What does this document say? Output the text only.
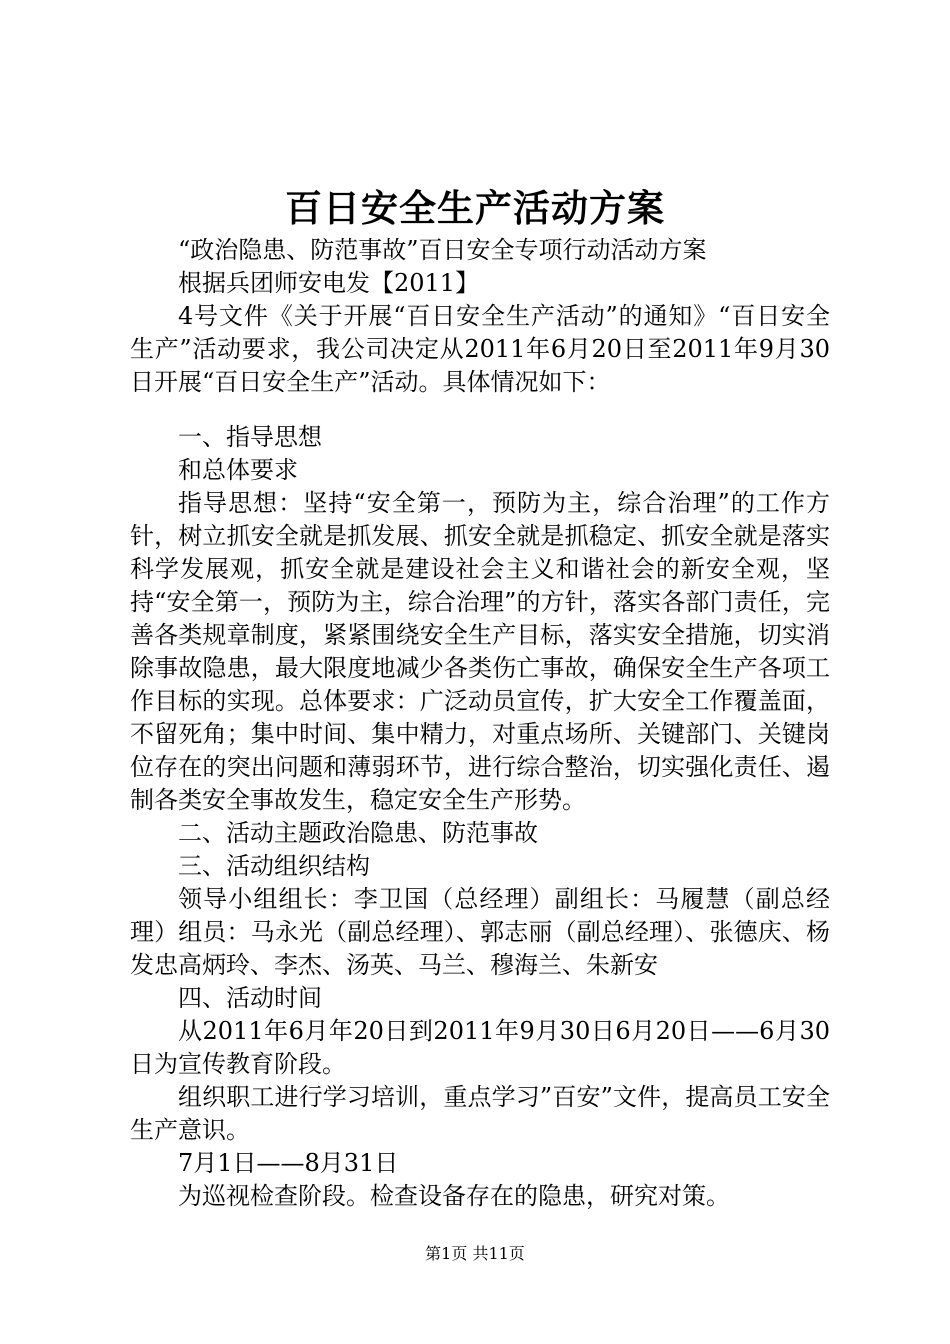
百日安全生产活动方案

“政治隐患、防范事故”百日安全专项行动活动方案

根据兵团师安电发【2011】

4号文件《关于开展“百日安全生产活动”的通知》“百日安全生产”活动要求，我公司决定从2011年6月20日至2011年9月30日开展“百日安全生产”活动。具体情况如下：

一、指导思想

和总体要求

指导思想：坚持“安全第一，预防为主，综合治理”的工作方针，树立抓安全就是抓发展、抓安全就是抓稳定、抓安全就是落实科学发展观，抓安全就是建设社会主义和谐社会的新安全观，坚持“安全第一，预防为主，综合治理”的方针，落实各部门责任，完善各类规章制度，紧紧围绕安全生产目标，落实安全措施，切实消除事故隐患，最大限度地减少各类伤亡事故，确保安全生产各项工作目标的实现。总体要求：广泛动员宣传，扩大安全工作覆盖面，不留死角；集中时间、集中精力，对重点场所、关键部门、关键岗位存在的突出问题和薄弱环节，进行综合整治，切实强化责任、遏制各类安全事故发生，稳定安全生产形势。

二、活动主题政治隐患、防范事故

三、活动组织结构

领导小组组长：李卫国（总经理）副组长：马履慧（副总经理）组员：马永光（副总经理）、郭志丽（副总经理）、张德庆、杨发忠高炳玲、李杰、汤英、马兰、穆海兰、朱新安

四、活动时间

从2011年6月年20日到2011年9月30日6月20日——6月30日为宣传教育阶段。

组织职工进行学习培训，重点学习”百安”文件，提高员工安全生产意识。

7月1日——8月31日

为巡视检查阶段。检查设备存在的隐患，研究对策。

第1页 共11页
